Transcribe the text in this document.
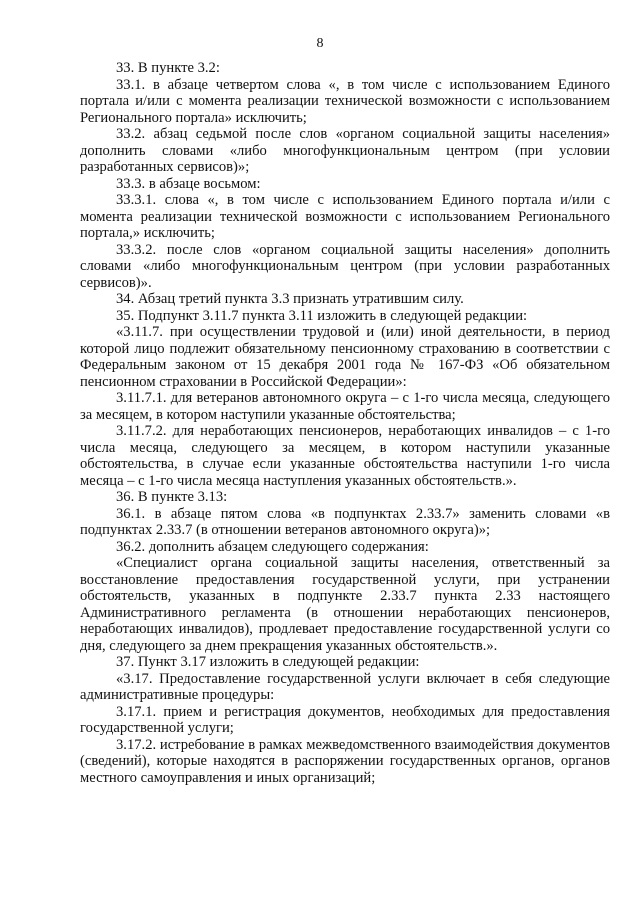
8

33. В пункте 3.2:

33.1. в абзаце четвертом слова «, в том числе с использованием Единого портала и/или с момента реализации технической возможности с использованием Регионального портала» исключить;

33.2. абзац седьмой после слов «органом социальной защиты населения» дополнить словами «либо многофункциональным центром (при условии разработанных сервисов)»;

33.3. в абзаце восьмом:

33.3.1. слова «, в том числе с использованием Единого портала и/или с момента реализации технической возможности с использованием Регионального портала,» исключить;

33.3.2. после слов «органом социальной защиты населения» дополнить словами «либо многофункциональным центром (при условии разработанных сервисов)».

34. Абзац третий пункта 3.3 признать утратившим силу.

35. Подпункт 3.11.7 пункта 3.11 изложить в следующей редакции:

«3.11.7. при осуществлении трудовой и (или) иной деятельности, в период которой лицо подлежит обязательному пенсионному страхованию в соответствии с Федеральным законом от 15 декабря 2001 года № 167-ФЗ «Об обязательном пенсионном страховании в Российской Федерации»:

3.11.7.1. для ветеранов автономного округа – с 1-го числа месяца, следующего за месяцем, в котором наступили указанные обстоятельства;

3.11.7.2. для неработающих пенсионеров, неработающих инвалидов – с 1-го числа месяца, следующего за месяцем, в котором наступили указанные обстоятельства, в случае если указанные обстоятельства наступили 1-го числа месяца – с 1-го числа месяца наступления указанных обстоятельств.».

36. В пункте 3.13:

36.1. в абзаце пятом слова «в подпунктах 2.33.7» заменить словами «в подпунктах 2.33.7 (в отношении ветеранов автономного округа)»;

36.2. дополнить абзацем следующего содержания:

«Специалист органа социальной защиты населения, ответственный за восстановление предоставления государственной услуги, при устранении обстоятельств, указанных в подпункте 2.33.7 пункта 2.33 настоящего Административного регламента (в отношении неработающих пенсионеров, неработающих инвалидов), продлевает предоставление государственной услуги со дня, следующего за днем прекращения указанных обстоятельств.».

37. Пункт 3.17 изложить в следующей редакции:

«3.17. Предоставление государственной услуги включает в себя следующие административные процедуры:

3.17.1. прием и регистрация документов, необходимых для предоставления государственной услуги;

3.17.2. истребование в рамках межведомственного взаимодействия документов (сведений), которые находятся в распоряжении государственных органов, органов местного самоуправления и иных организаций;
